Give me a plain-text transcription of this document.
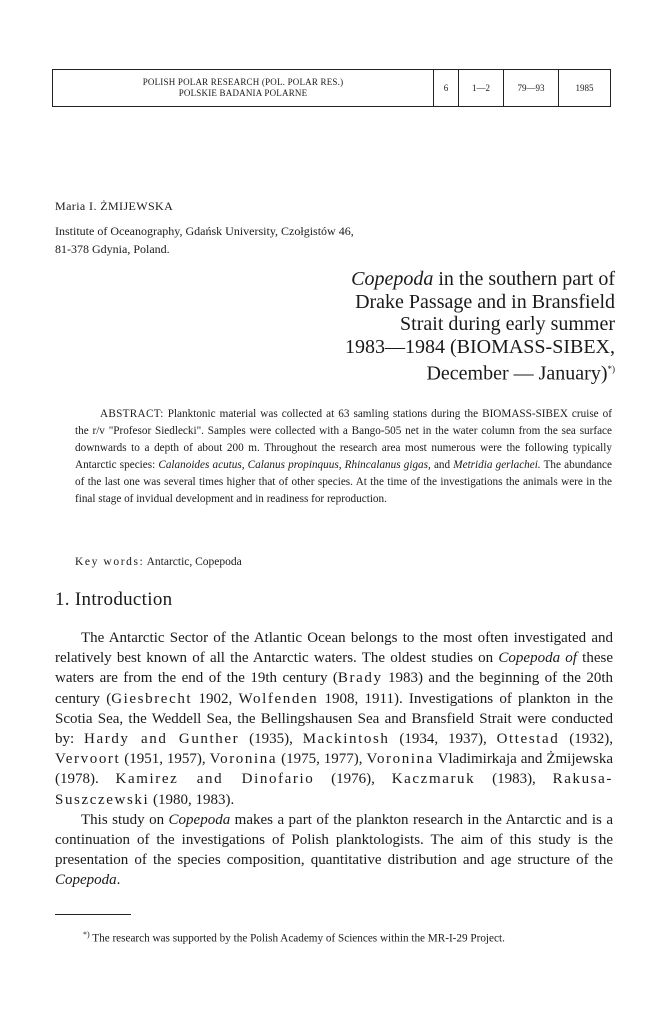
POLISH POLAR RESEARCH (POL. POLAR RES.)
POLSKIE BADANIA POLARNE	6	1—2	79—93	1985
Maria I. ŻMIJEWSKA
Institute of Oceanography, Gdańsk University, Czołgistów 46,
81-378 Gdynia, Poland.
Copepoda in the southern part of
Drake Passage and in Bransfield
Strait during early summer
1983—1984 (BIOMASS-SIBEX,
December — January)*)
ABSTRACT: Planktonic material was collected at 63 samling stations during the BIOMASS-SIBEX cruise of the r/v "Profesor Siedlecki". Samples were collected with a Bango-505 net in the water column from the sea surface downwards to a depth of about 200 m. Throughout the research area most numerous were the following typically Antarctic species: Calanoides acutus, Calanus propinquus, Rhincalanus gigas, and Metridia gerlachei. The abundance of the last one was several times higher that of other species. At the time of the investigations the animals were in the final stage of invidual development and in readiness for reproduction.
Key words: Antarctic, Copepoda
1. Introduction

The Antarctic Sector of the Atlantic Ocean belongs to the most often investigated and relatively best known of all the Antarctic waters. The oldest studies on Copepoda of these waters are from the end of the 19th century (Brady 1983) and the beginning of the 20th century (Giesbrecht 1902, Wolfenden 1908, 1911). Investigations of plankton in the Scotia Sea, the Weddell Sea, the Bellingshausen Sea and Bransfield Strait were conducted by: Hardy and Gunther (1935), Mackintosh (1934, 1937), Ottestad (1932), Vervoort (1951, 1957), Voronina (1975, 1977), Voronina Vladimirkaja and Żmijewska (1978). Kamirez and Dinofario (1976), Kaczmaruk (1983), Rakusa-Suszczewski (1980, 1983).

This study on Copepoda makes a part of the plankton research in the Antarctic and is a continuation of the investigations of Polish planktologists. The aim of this study is the presentation of the species composition, quantitative distribution and age structure of the Copepoda.

*) The research was supported by the Polish Academy of Sciences within the MR-I-29 Project.
